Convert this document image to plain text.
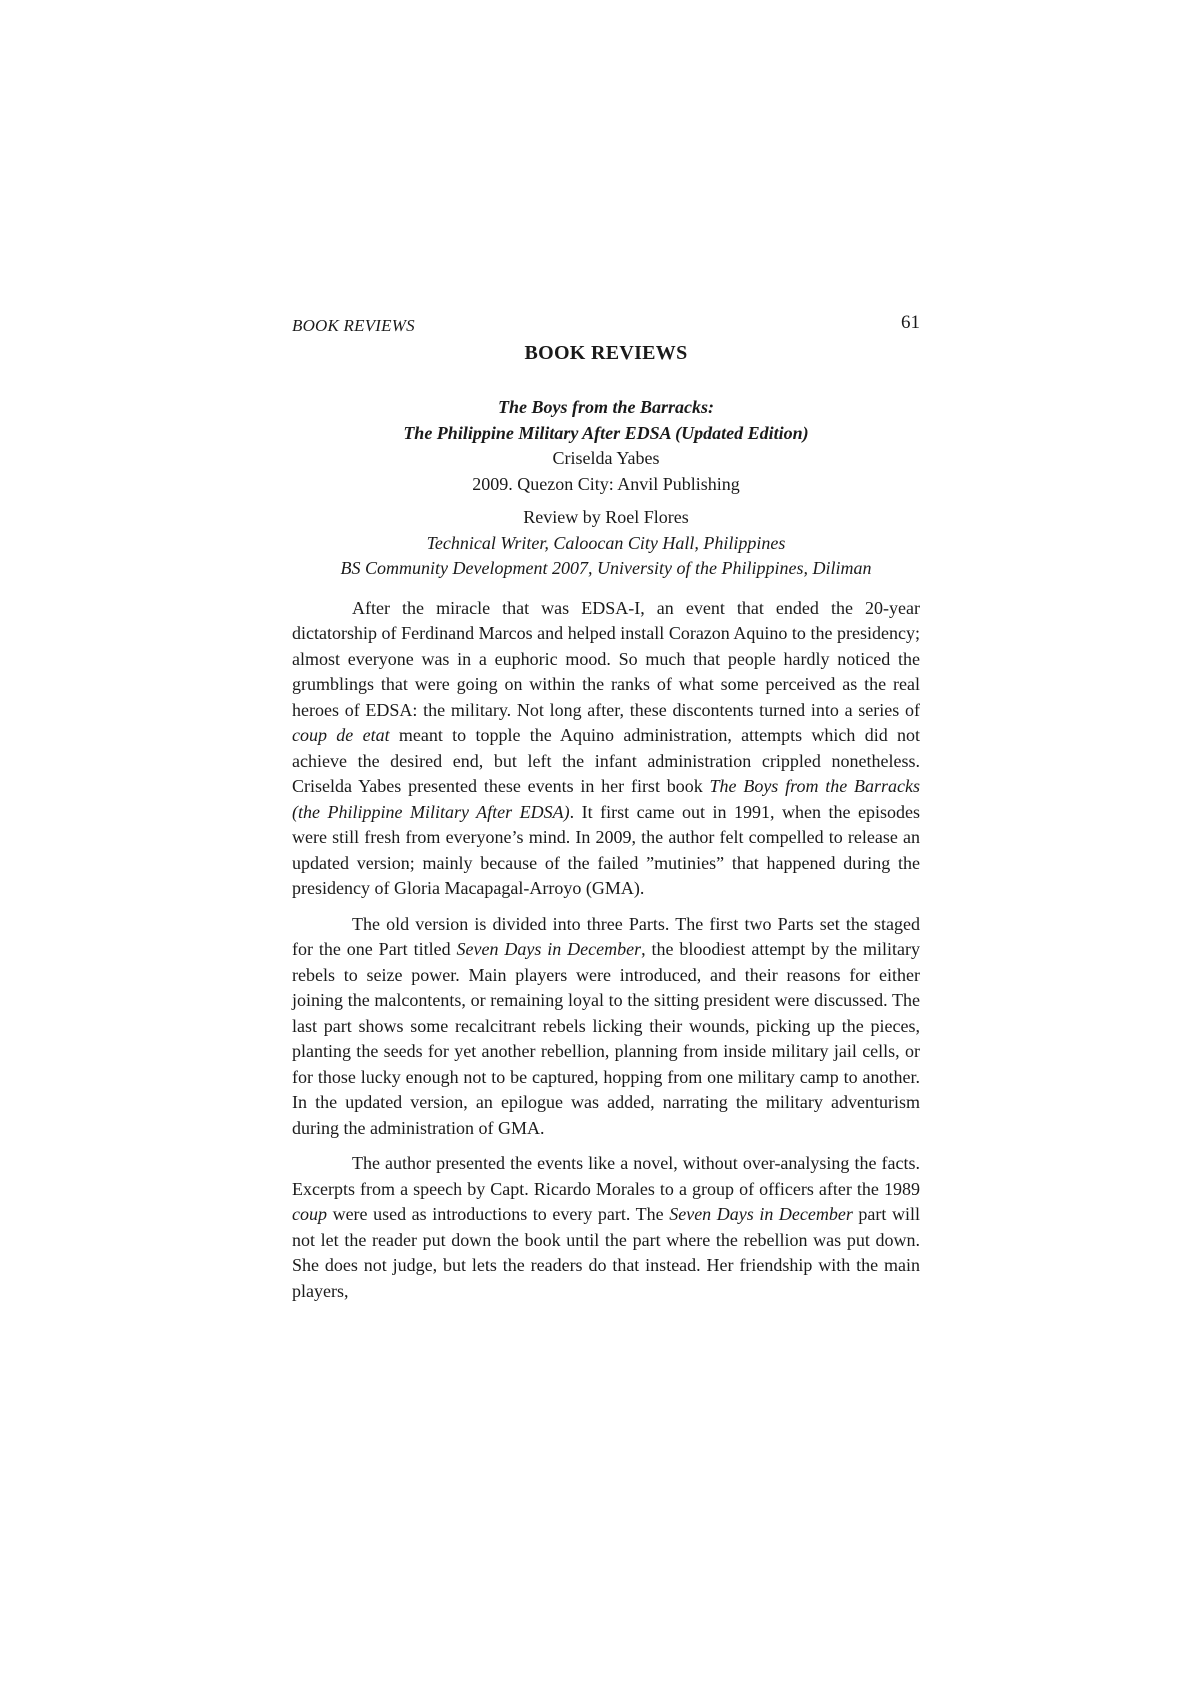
BOOK REVIEWS	61
BOOK REVIEWS
The Boys from the Barracks:
The Philippine Military After EDSA (Updated Edition)
Criselda Yabes
2009. Quezon City: Anvil Publishing
Review by Roel Flores
Technical Writer, Caloocan City Hall, Philippines
BS Community Development 2007, University of the Philippines, Diliman

After the miracle that was EDSA-I, an event that ended the 20-year dictatorship of Ferdinand Marcos and helped install Corazon Aquino to the presidency; almost everyone was in a euphoric mood. So much that people hardly noticed the grumblings that were going on within the ranks of what some perceived as the real heroes of EDSA: the military. Not long after, these discontents turned into a series of coup de etat meant to topple the Aquino administration, attempts which did not achieve the desired end, but left the infant administration crippled nonetheless. Criselda Yabes presented these events in her first book The Boys from the Barracks (the Philippine Military After EDSA). It first came out in 1991, when the episodes were still fresh from everyone’s mind. In 2009, the author felt compelled to release an updated version; mainly because of the failed ”mutinies” that happened during the presidency of Gloria Macapagal-Arroyo (GMA).

The old version is divided into three Parts. The first two Parts set the staged for the one Part titled Seven Days in December, the bloodiest attempt by the military rebels to seize power. Main players were introduced, and their reasons for either joining the malcontents, or remaining loyal to the sitting president were discussed. The last part shows some recalcitrant rebels licking their wounds, picking up the pieces, planting the seeds for yet another rebellion, planning from inside military jail cells, or for those lucky enough not to be captured, hopping from one military camp to another. In the updated version, an epilogue was added, narrating the military adventurism during the administration of GMA.

The author presented the events like a novel, without over-analysing the facts. Excerpts from a speech by Capt. Ricardo Morales to a group of officers after the 1989 coup were used as introductions to every part. The Seven Days in December part will not let the reader put down the book until the part where the rebellion was put down. She does not judge, but lets the readers do that instead. Her friendship with the main players,
